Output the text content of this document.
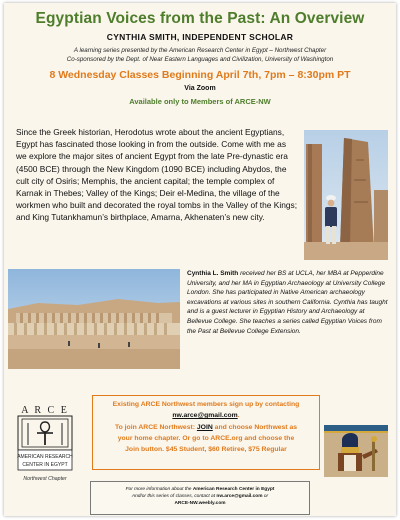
Egyptian Voices from the Past: An Overview
CYNTHIA SMITH, INDEPENDENT SCHOLAR
A learning series presented by the American Research Center in Egypt – Northwest Chapter
Co-sponsored by the Dept. of Near Eastern Languages and Civilization, University of Washington
8 Wednesday Classes Beginning April 7th, 7pm – 8:30pm PT
Via Zoom
Available only to Members of ARCE-NW
Since the Greek historian, Herodotus wrote about the ancient Egyptians, Egypt has fascinated those looking in from the outside. Come with me as we explore the major sites of ancient Egypt from the late Pre-dynastic era (4500 BCE) through the New Kingdom (1090 BCE) including Abydos, the cult city of Osiris; Memphis, the ancient capital; the temple complex of Karnak in Thebes; Valley of the Kings; Deir el-Medina, the village of the workmen who built and decorated the royal tombs in the Valley of the Kings; and King Tutankhamun’s birthplace, Amarna, Akhenaten’s new city.
Cynthia L. Smith received her BS at UCLA, her MBA at Pepperdine University, and her MA in Egyptian Archaeology at University College London. She has participated in Native American archaeology excavations at various sites in southern California. Cynthia has taught and is a guest lecturer in Egyptian History and Archaeology at Bellevue College. She teaches a series called Egyptian Voices from the Past at Bellevue College Extension.
A R C E
AMERICAN RESEARCH
CENTER IN EGYPT
Northwest Chapter
Existing ARCE Northwest members sign up by contacting
nw.arce@gmail.com.
To join ARCE Northwest: JOIN and choose Northwest as
your home chapter. Or go to ARCE.org and choose the
Join button. $45 Student, $60 Retiree, $75 Regular
For more information about the American Research Center in Egypt
And/or this series of classes, contact at nw.arce@gmail.com or
ARCE-NW.weebly.com
